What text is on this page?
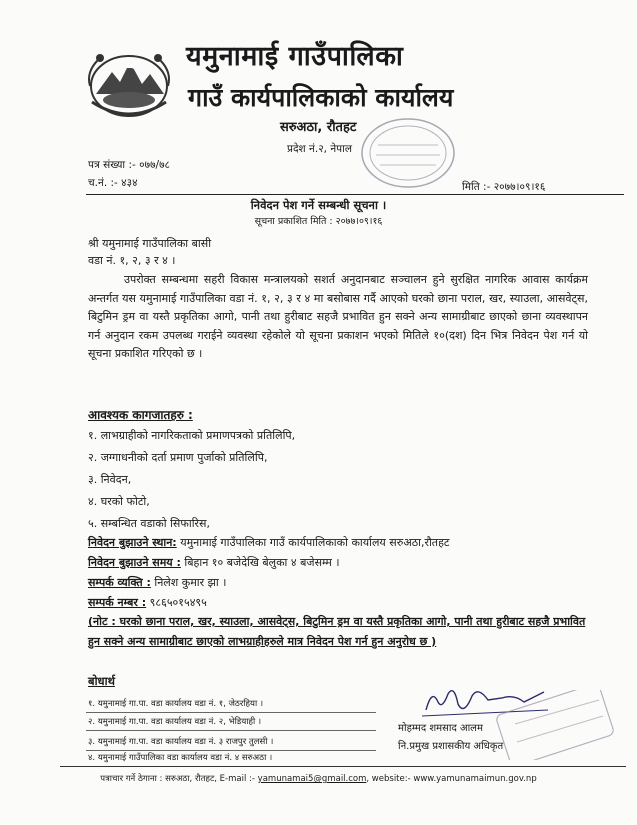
यमुनामाई गाउँपालिका
गाउँ कार्यपालिकाको कार्यालय
सरुअठा, रौतहट
प्रदेश नं.२, नेपाल
पत्र संख्या :- ०७७/७८
च.नं. :- ४३४	मिति :- २०७७।०९।१६
निवेदन पेश गर्ने सम्बन्धी सूचना ।
सूचना प्रकाशित मिति : २०७७।०९।१६
श्री यमुनामाई गाउँपालिका बासी
वडा नं. १, २, ३ र ४ ।
उपरोक्त सम्बन्धमा सहरी विकास मन्त्रालयको सशर्त अनुदानबाट सञ्चालन हुने सुरक्षित नागरिक आवास कार्यक्रम अन्तर्गत यस यमुनामाई गाउँपालिका वडा नं. १, २, ३ र ४ मा बसोबास गर्दै आएको घरको छाना पराल, खर, स्याउला, आसवेट्स, बिटुमिन ड्रम वा यस्तै प्रकृतिका आगो, पानी तथा हुरीबाट सहजै प्रभावित हुन सक्ने अन्य सामाग्रीबाट छाएको छाना व्यवस्थापन गर्न अनुदान रकम उपलब्ध गराईने व्यवस्था रहेकोले यो सूचना प्रकाशन भएको मितिले १०(दश) दिन भित्र निवेदन पेश गर्न यो सूचना प्रकाशित गरिएको छ ।
आवश्यक कागजातहरु :
१. लाभग्राहीको नागरिकताको प्रमाणपत्रको प्रतिलिपि,
२. जग्गाधनीको दर्ता प्रमाण पुर्जाको प्रतिलिपि,
३. निवेदन,
४. घरको फोटो,
५. सम्बन्धित वडाको सिफारिस,
निवेदन बुझाउने स्थान: यमुनामाई गाउँपालिका गाउँ कार्यपालिकाको कार्यालय सरुअठा,रौतहट
निवेदन बुझाउने समय : बिहान १० बजेदेखि बेलुका ४ बजेसम्म ।
सम्पर्क व्यक्ति : निलेश कुमार झा ।
सम्पर्क नम्बर : ९८६५०१५४९५
(नोट : घरको छाना पराल, खर, स्याउला, आसवेट्स, बिटुमिन ड्रम वा यस्तै प्रकृतिका आगो, पानी तथा हुरीबाट सहजै प्रभावित हुन सक्ने अन्य सामाग्रीबाट छाएको लाभग्राहीहरुले मात्र निवेदन पेश गर्न हुन अनुरोध छ )
बोधार्थ
१. यमुनामाई गा.पा. वडा कार्यालय वडा नं. १, जेठरहिया ।
२. यमुनामाई गा.पा. वडा कार्यालय वडा नं. २, भेडियाही ।
३. यमुनामाई गा.पा. वडा कार्यालय वडा नं. ३ राजपुर तुलसी ।
४. यमुनामाई गाउँपालिका वडा कार्यालय वडा नं. ४ सरुअठा ।
मोहम्मद शमसाद आलम
नि.प्रमुख प्रशासकीय अधिकृत
पत्राचार गर्ने ठेगाना : सरुअठा, रौतहट, E-mail :- yamunamai5@gmail.com, website:- www.yamunamaimun.gov.np
